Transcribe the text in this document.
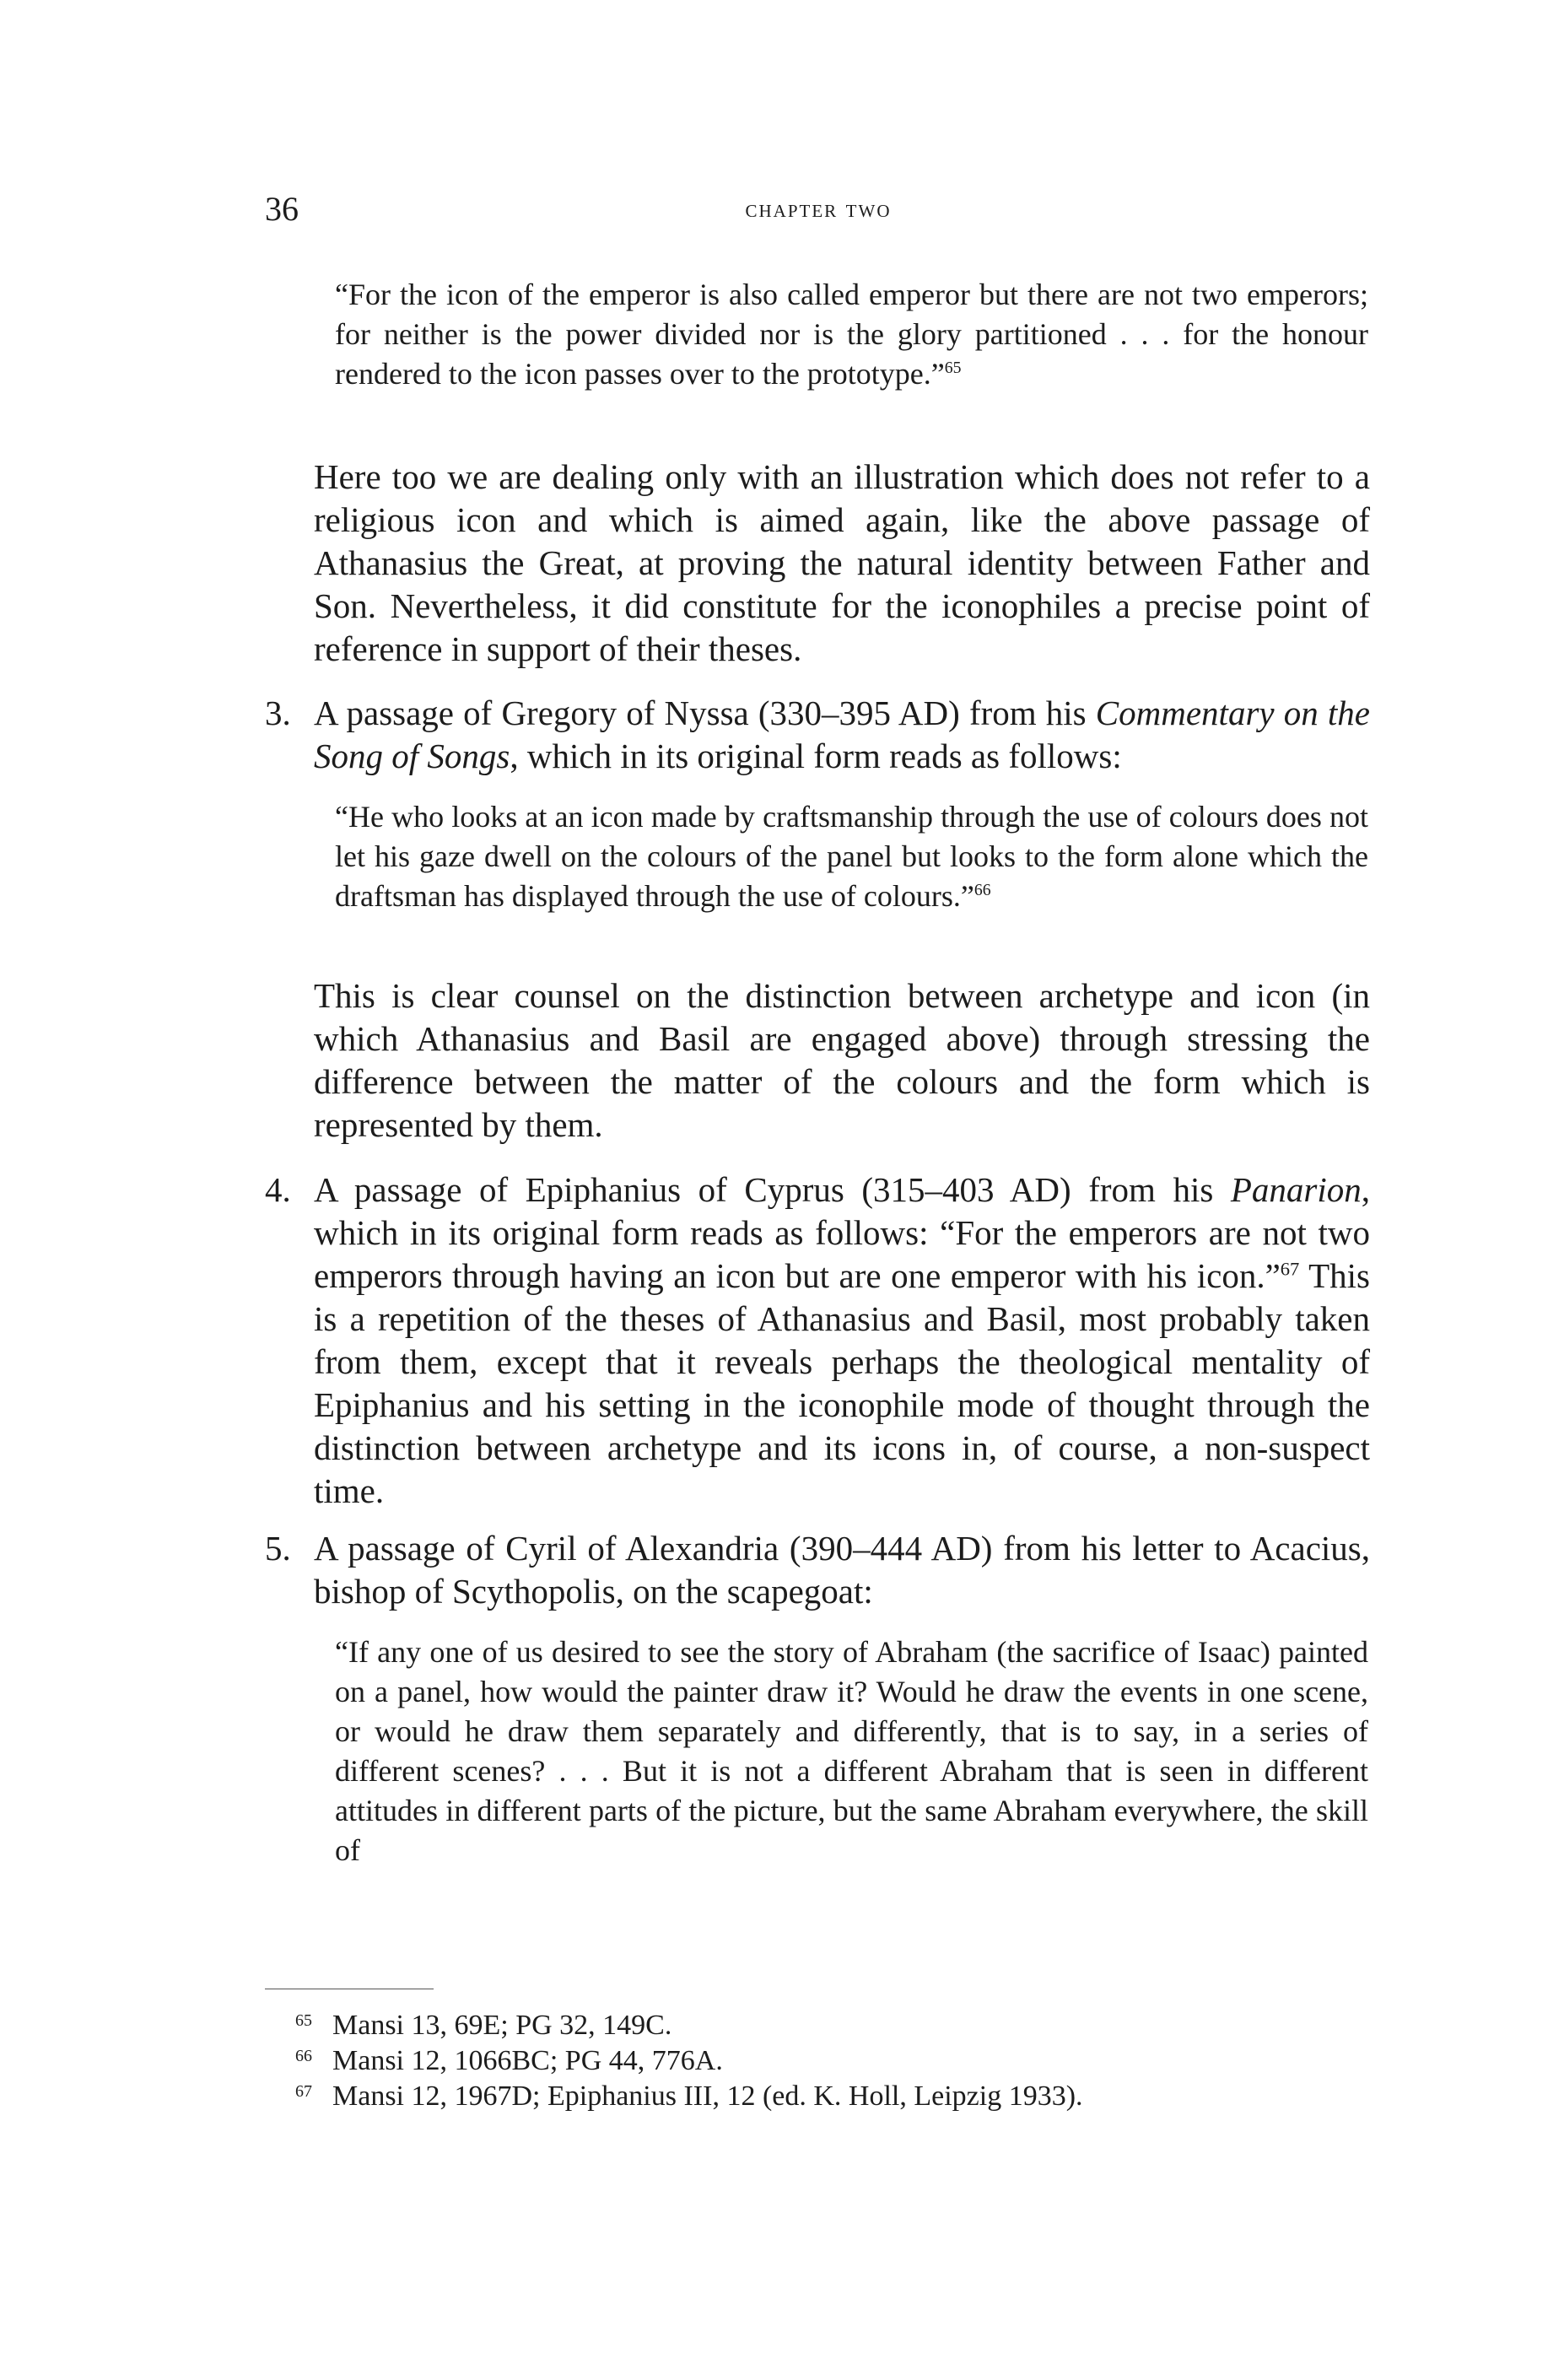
36	chapter two
“For the icon of the emperor is also called emperor but there are not two emperors; for neither is the power divided nor is the glory partitioned . . . for the honour rendered to the icon passes over to the prototype.”$^{65}$
Here too we are dealing only with an illustration which does not refer to a religious icon and which is aimed again, like the above passage of Athanasius the Great, at proving the natural identity between Father and Son. Nevertheless, it did constitute for the iconophiles a precise point of reference in support of their theses.
3. A passage of Gregory of Nyssa (330–395 AD) from his Commentary on the Song of Songs, which in its original form reads as follows:
“He who looks at an icon made by craftsmanship through the use of colours does not let his gaze dwell on the colours of the panel but looks to the form alone which the draftsman has displayed through the use of colours.”$^{66}$
This is clear counsel on the distinction between archetype and icon (in which Athanasius and Basil are engaged above) through stressing the difference between the matter of the colours and the form which is represented by them.
4. A passage of Epiphanius of Cyprus (315–403 AD) from his Panarion, which in its original form reads as follows: “For the emperors are not two emperors through having an icon but are one emperor with his icon.”$^{67}$ This is a repetition of the theses of Athanasius and Basil, most probably taken from them, except that it reveals perhaps the theological mentality of Epiphanius and his setting in the iconophile mode of thought through the distinction between archetype and its icons in, of course, a non-suspect time.
5. A passage of Cyril of Alexandria (390–444 AD) from his letter to Acacius, bishop of Scythopolis, on the scapegoat:
“If any one of us desired to see the story of Abraham (the sacrifice of Isaac) painted on a panel, how would the painter draw it? Would he draw the events in one scene, or would he draw them separately and differently, that is to say, in a series of different scenes? . . . But it is not a different Abraham that is seen in different attitudes in different parts of the picture, but the same Abraham everywhere, the skill of
65 Mansi 13, 69E; PG 32, 149C.
66 Mansi 12, 1066BC; PG 44, 776A.
67 Mansi 12, 1967D; Epiphanius III, 12 (ed. K. Holl, Leipzig 1933).
